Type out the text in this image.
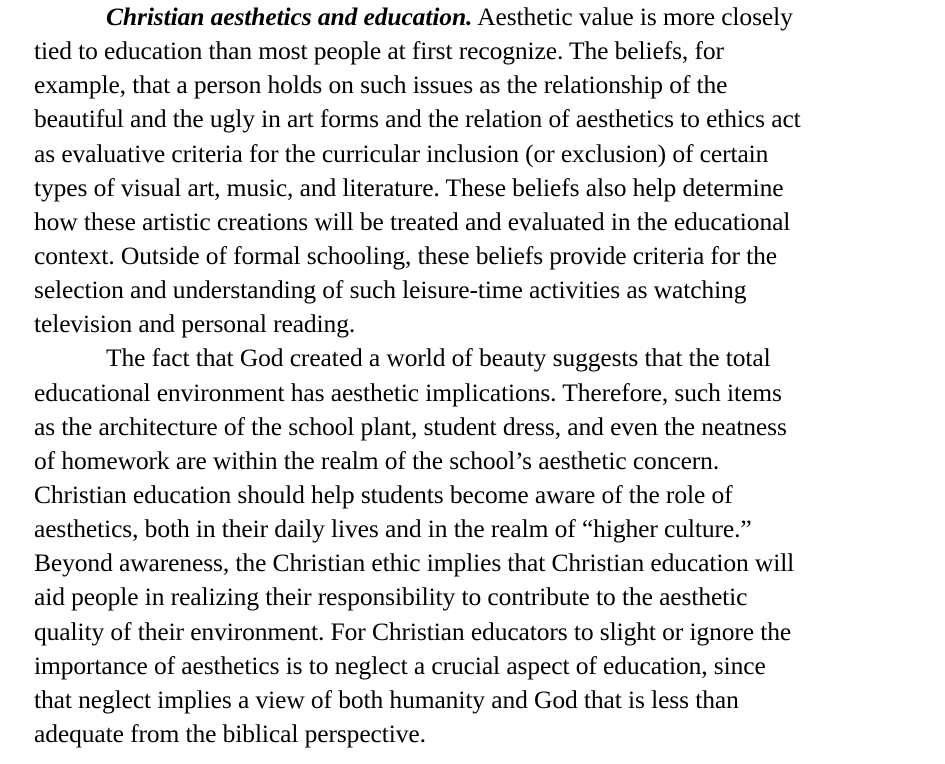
Christian aesthetics and education. Aesthetic value is more closely
tied to education than most people at first recognize. The beliefs, for
example, that a person holds on such issues as the relationship of the
beautiful and the ugly in art forms and the relation of aesthetics to ethics act
as evaluative criteria for the curricular inclusion (or exclusion) of certain
types of visual art, music, and literature. These beliefs also help determine
how these artistic creations will be treated and evaluated in the educational
context. Outside of formal schooling, these beliefs provide criteria for the
selection and understanding of such leisure-time activities as watching
television and personal reading.
The fact that God created a world of beauty suggests that the total
educational environment has aesthetic implications. Therefore, such items
as the architecture of the school plant, student dress, and even the neatness
of homework are within the realm of the school’s aesthetic concern.
Christian education should help students become aware of the role of
aesthetics, both in their daily lives and in the realm of “higher culture.”
Beyond awareness, the Christian ethic implies that Christian education will
aid people in realizing their responsibility to contribute to the aesthetic
quality of their environment. For Christian educators to slight or ignore the
importance of aesthetics is to neglect a crucial aspect of education, since
that neglect implies a view of both humanity and God that is less than
adequate from the biblical perspective.
